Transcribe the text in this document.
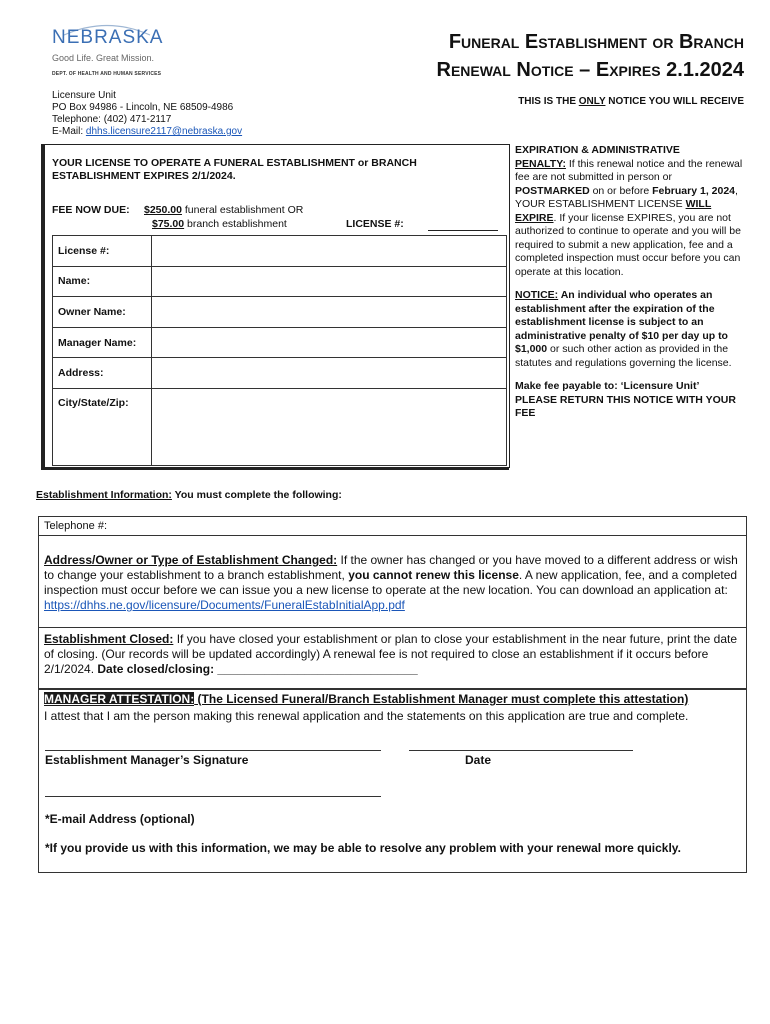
NEBRASKA
Good Life. Great Mission.
DEPT. OF HEALTH AND HUMAN SERVICES
Funeral Establishment or Branch
Renewal Notice – Expires 2.1.2024
Licensure Unit
PO Box 94986 - Lincoln, NE 68509-4986
Telephone: (402) 471-2117
E-Mail: dhhs.licensure2117@nebraska.gov
THIS IS THE ONLY NOTICE YOU WILL RECEIVE
YOUR LICENSE TO OPERATE A FUNERAL ESTABLISHMENT or BRANCH ESTABLISHMENT EXPIRES 2/1/2024.
FEE NOW DUE: $250.00 funeral establishment OR
$75.00 branch establishment	LICENSE #:
License #:	
Name:	
Owner Name:	
Manager Name:	
Address:	
City/State/Zip:	

EXPIRATION & ADMINISTRATIVE
PENALTY: If this renewal notice and the renewal fee are not submitted in person or POSTMARKED on or before February 1, 2024, YOUR ESTABLISHMENT LICENSE WILL EXPIRE. If your license EXPIRES, you are not authorized to continue to operate and you will be required to submit a new application, fee and a completed inspection must occur before you can operate at this location.

NOTICE: An individual who operates an establishment after the expiration of the establishment license is subject to an administrative penalty of $10 per day up to $1,000 or such other action as provided in the statutes and regulations governing the license.

Make fee payable to: ‘Licensure Unit’
PLEASE RETURN THIS NOTICE WITH YOUR FEE

Establishment Information: You must complete the following:
Telephone #:
Address/Owner or Type of Establishment Changed: If the owner has changed or you have moved to a different address or wish to change your establishment to a branch establishment, you cannot renew this license. A new application, fee, and a completed inspection must occur before we can issue you a new license to operate at the new location. You can download an application at: https://dhhs.ne.gov/licensure/Documents/FuneralEstabInitialApp.pdf
Establishment Closed: If you have closed your establishment or plan to close your establishment in the near future, print the date of closing. (Our records will be updated accordingly) A renewal fee is not required to close an establishment if it occurs before 2/1/2024. Date closed/closing: ______________________________
MANAGER ATTESTATION: (The Licensed Funeral/Branch Establishment Manager must complete this attestation)
I attest that I am the person making this renewal application and the statements on this application are true and complete.
Establishment Manager’s Signature	Date
*E-mail Address (optional)
*If you provide us with this information, we may be able to resolve any problem with your renewal more quickly.
